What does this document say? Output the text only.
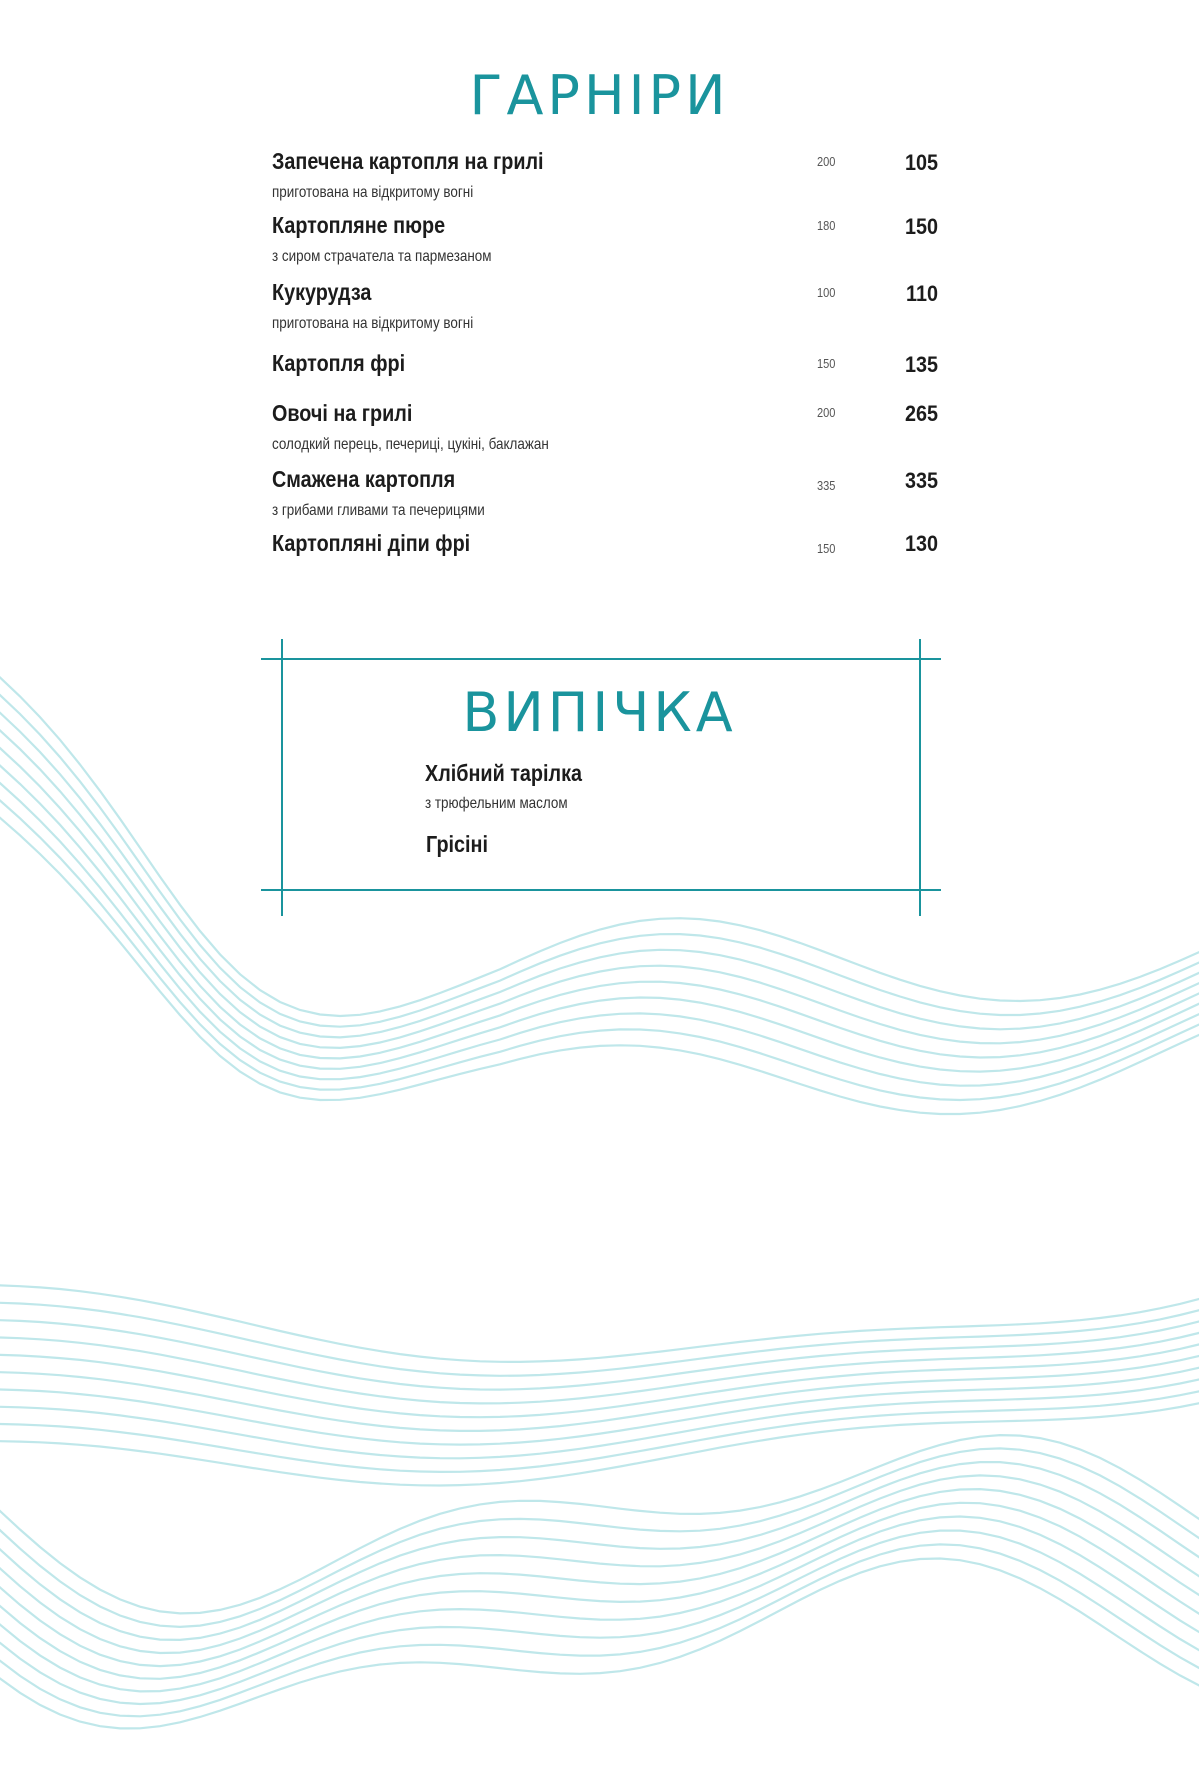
ГАРНІРИ
Запечена картопля на грилі
приготована на відкритому вогні
200	105
Картопляне пюре
з сиром страчатела та пармезаном
180	150
Кукурудза
приготована на відкритому вогні
100	110
Картопля фрі	150	135
Овочі на грилі
солодкий перець, печериці, цукіні, баклажан
200	265
Смажена картопля
з грибами гливами та печерицями
335	335
Картопляні діпи фрі	150	130
ВИПІЧКА
Хлібний тарілка
з трюфельним маслом
Грісіні
